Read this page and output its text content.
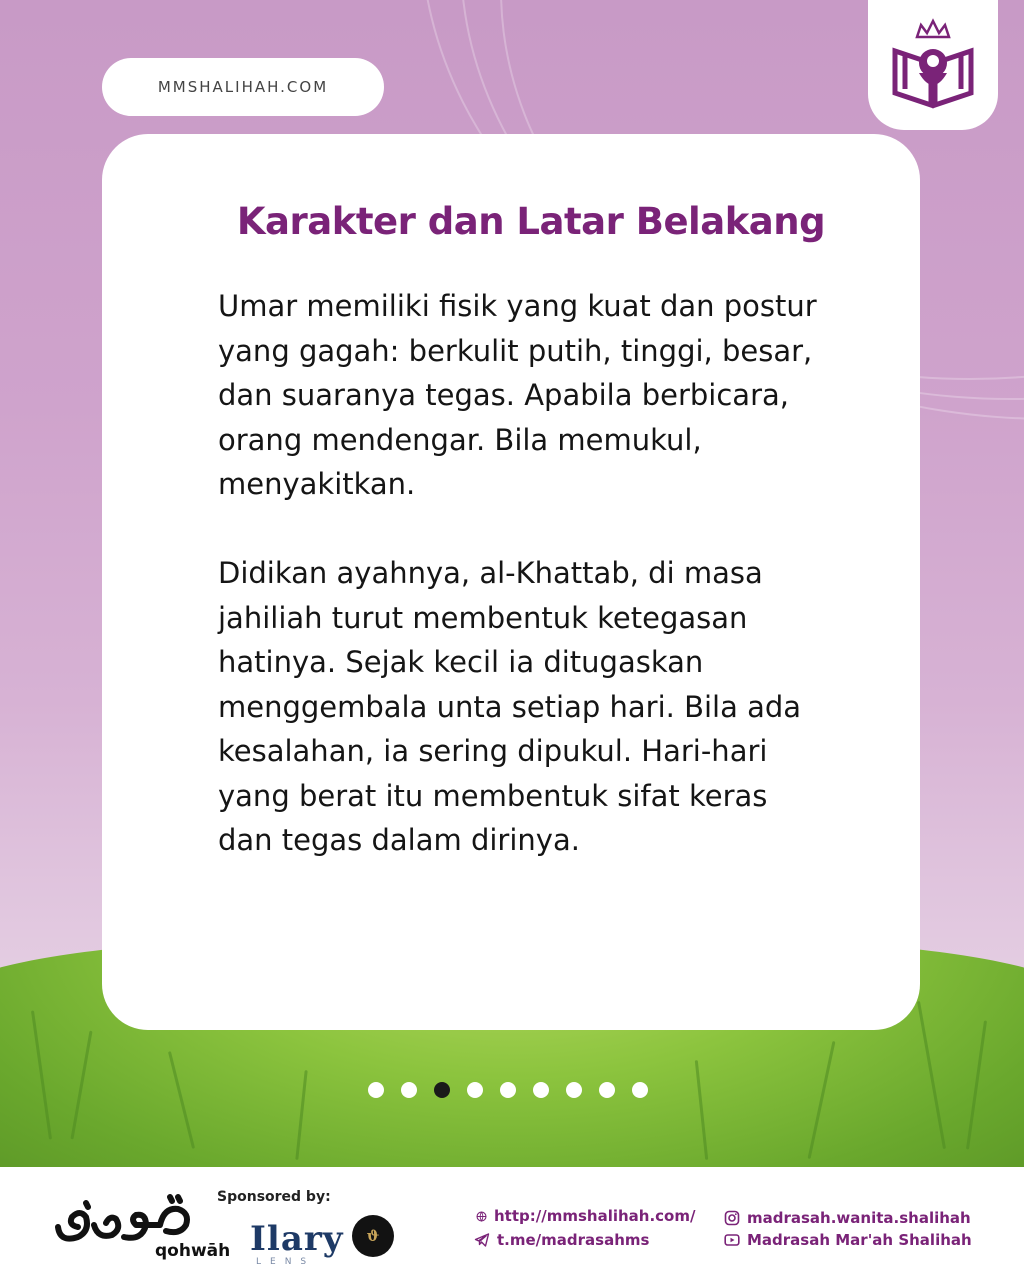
MMSHALIHAH.COM
Karakter dan Latar Belakang

Umar memiliki fisik yang kuat dan postur yang gagah: berkulit putih, tinggi, besar, dan suaranya tegas. Apabila berbicara, orang mendengar. Bila memukul, menyakitkan.

Didikan ayahnya, al-Khattab, di masa jahiliah turut membentuk ketegasan hatinya. Sejak kecil ia ditugaskan menggembala unta setiap hari. Bila ada kesalahan, ia sering dipukul. Hari-hari yang berat itu membentuk sifat keras dan tegas dalam dirinya.

qohwāh
Sponsored by:
Ilary
LENS
ϑ
http://mmshalihah.com/
t.me/madrasahms
madrasah.wanita.shalihah
Madrasah Mar'ah Shalihah
